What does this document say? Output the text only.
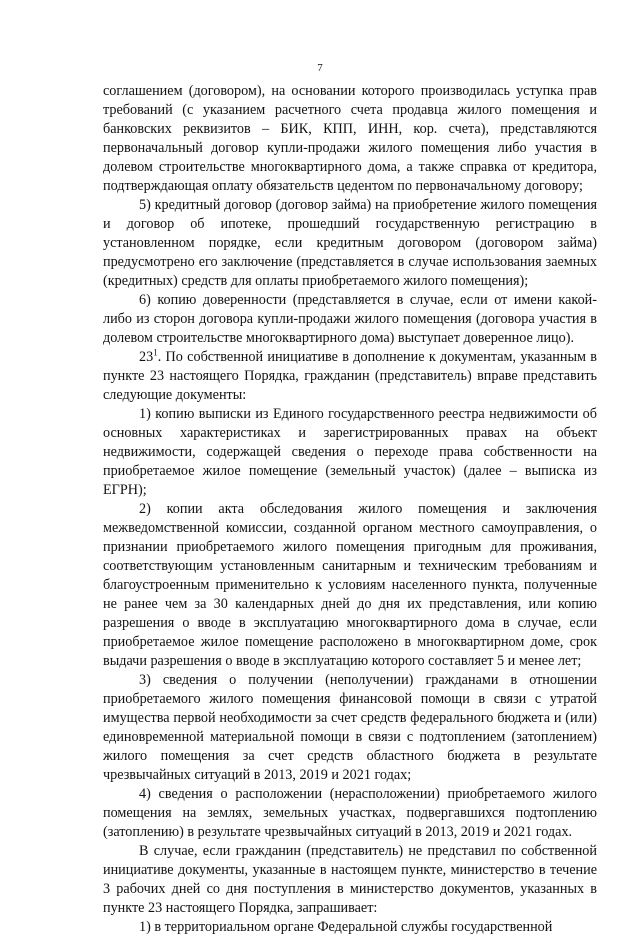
7

соглашением (договором), на основании которого производилась уступка прав требований (с указанием расчетного счета продавца жилого помещения и банковских реквизитов – БИК, КПП, ИНН, кор. счета), представляются первоначальный договор купли-продажи жилого помещения либо участия в долевом строительстве многоквартирного дома, а также справка от кредитора, подтверждающая оплату обязательств цедентом по первоначальному договору;

5) кредитный договор (договор займа) на приобретение жилого помещения и договор об ипотеке, прошедший государственную регистрацию в установленном порядке, если кредитным договором (договором займа) предусмотрено его заключение (представляется в случае использования заемных (кредитных) средств для оплаты приобретаемого жилого помещения);

6) копию доверенности (представляется в случае, если от имени какой-либо из сторон договора купли-продажи жилого помещения (договора участия в долевом строительстве многоквартирного дома) выступает доверенное лицо).

$23^1$. По собственной инициативе в дополнение к документам, указанным в пункте 23 настоящего Порядка, гражданин (представитель) вправе представить следующие документы:

1) копию выписки из Единого государственного реестра недвижимости об основных характеристиках и зарегистрированных правах на объект недвижимости, содержащей сведения о переходе права собственности на приобретаемое жилое помещение (земельный участок) (далее – выписка из ЕГРН);

2) копии акта обследования жилого помещения и заключения межведомственной комиссии, созданной органом местного самоуправления, о признании приобретаемого жилого помещения пригодным для проживания, соответствующим установленным санитарным и техническим требованиям и благоустроенным применительно к условиям населенного пункта, полученные не ранее чем за 30 календарных дней до дня их представления, или копию разрешения о вводе в эксплуатацию многоквартирного дома в случае, если приобретаемое жилое помещение расположено в многоквартирном доме, срок выдачи разрешения о вводе в эксплуатацию которого составляет 5 и менее лет;

3) сведения о получении (неполучении) гражданами в отношении приобретаемого жилого помещения финансовой помощи в связи с утратой имущества первой необходимости за счет средств федерального бюджета и (или) единовременной материальной помощи в связи с подтоплением (затоплением) жилого помещения за счет средств областного бюджета в результате чрезвычайных ситуаций в 2013, 2019 и 2021 годах;

4) сведения о расположении (нерасположении) приобретаемого жилого помещения на землях, земельных участках, подвергавшихся подтоплению (затоплению) в результате чрезвычайных ситуаций в 2013, 2019 и 2021 годах.

В случае, если гражданин (представитель) не представил по собственной инициативе документы, указанные в настоящем пункте, министерство в течение 3 рабочих дней со дня поступления в министерство документов, указанных в пункте 23 настоящего Порядка, запрашивает:

1) в территориальном органе Федеральной службы государственной
